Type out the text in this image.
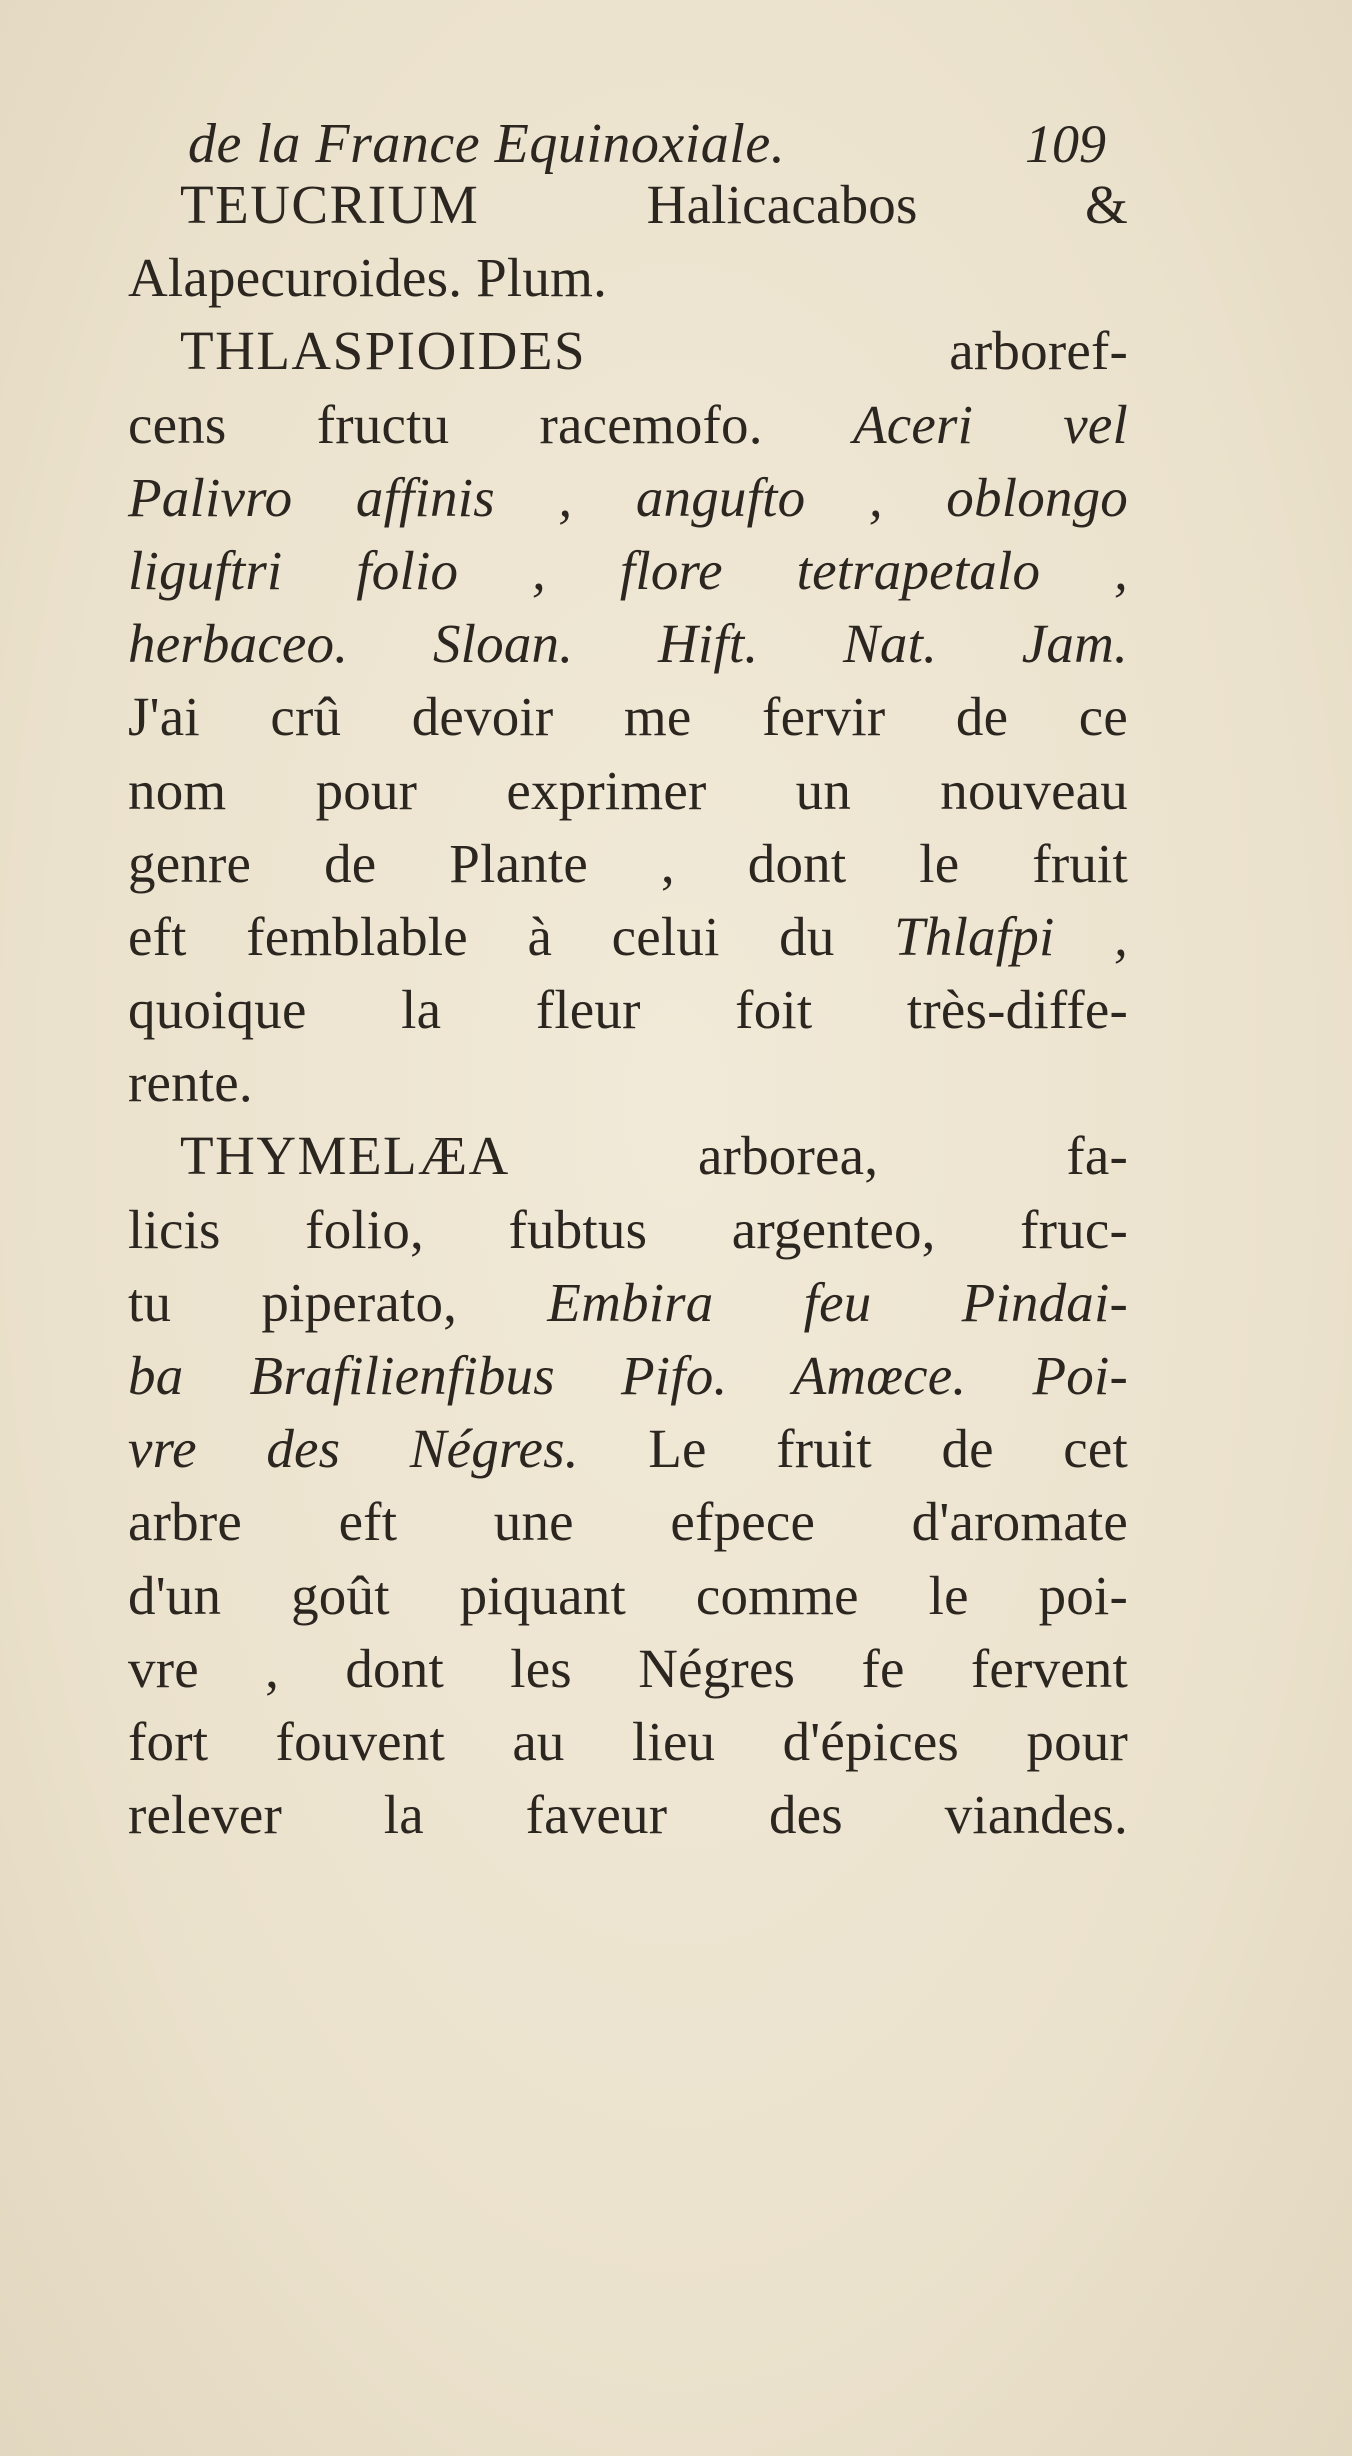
de la France Equinoxiale.	109
TEUCRIUM Halicacabos &
Alapecuroides. Plum.
THLASPIOIDES arboref-
cens fructu racemofo. Aceri vel
Palivro affinis , angufto , oblongo
liguftri folio , flore tetrapetalo ,
herbaceo. Sloan. Hift. Nat. Jam.
J'ai crû devoir me fervir de ce
nom pour exprimer un nouveau
genre de Plante , dont le fruit
eft femblable à celui du Thlafpi ,
quoique la fleur foit très-diffe-
rente.
THYMELÆA arborea, fa-
licis folio, fubtus argenteo, fruc-
tu piperato, Embira feu Pindai-
ba Brafilienfibus Pifo. Amœce. Poi-
vre des Négres. Le fruit de cet
arbre eft une efpece d'aromate
d'un goût piquant comme le poi-
vre , dont les Négres fe fervent
fort fouvent au lieu d'épices pour
relever la faveur des viandes.
